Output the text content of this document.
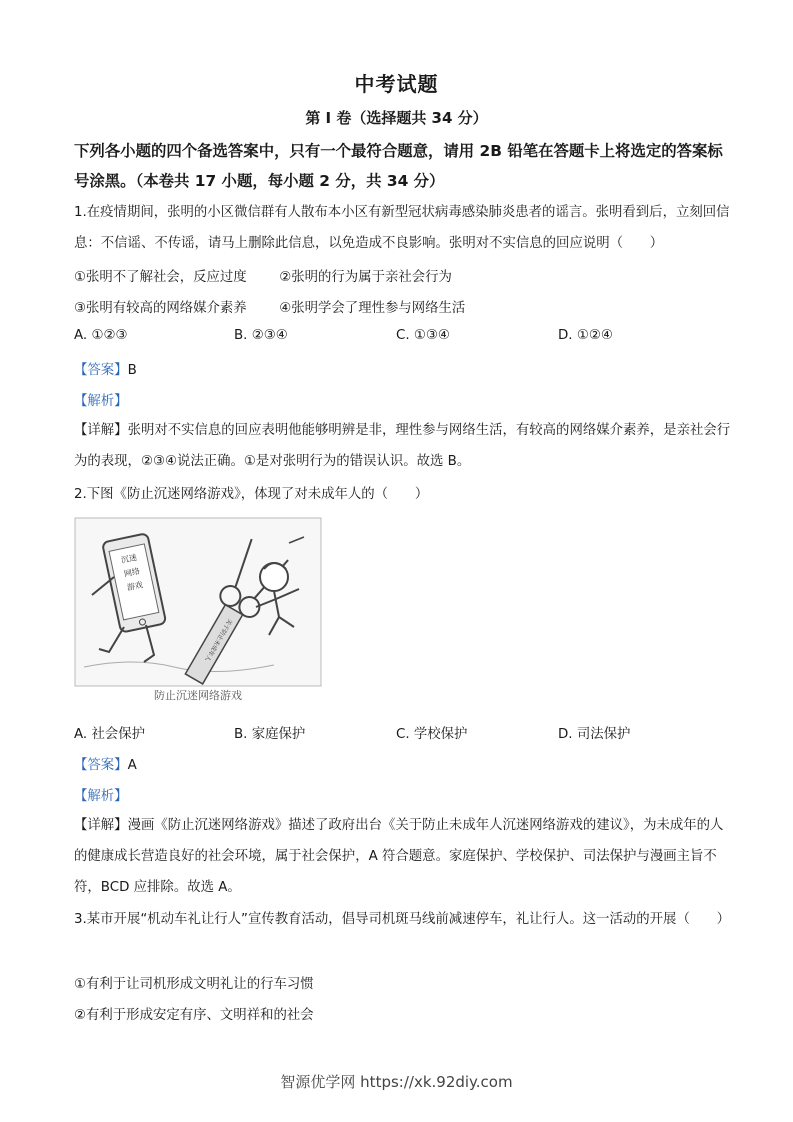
中考试题
第 I 卷（选择题共 34 分）
下列各小题的四个备选答案中，只有一个最符合题意，请用 2B 铅笔在答题卡上将选定的答案标号涂黑。（本卷共 17 小题，每小题 2 分，共 34 分）
1.在疫情期间，张明的小区微信群有人散布本小区有新型冠状病毒感染肺炎患者的谣言。张明看到后，立刻回信息：不信谣、不传谣，请马上删除此信息，以免造成不良影响。张明对不实信息的回应说明（　　）
①张明不了解社会，反应过度 ②张明的行为属于亲社会行为
③张明有较高的网络媒介素养 ④张明学会了理性参与网络生活
A. ①②③	B. ②③④	C. ①③④	D. ①②④
【答案】B
【解析】
【详解】张明对不实信息的回应表明他能够明辨是非，理性参与网络生活，有较高的网络媒介素养，是亲社会行为的表现，②③④说法正确。①是对张明行为的错误认识。故选 B。
2.下图《防止沉迷网络游戏》，体现了对未成年人的（　　）
沉迷
网络
游戏
关于防止未成年人
防止沉迷网络游戏
A. 社会保护	B. 家庭保护	C. 学校保护	D. 司法保护
【答案】A
【解析】
【详解】漫画《防止沉迷网络游戏》描述了政府出台《关于防止未成年人沉迷网络游戏的建议》，为未成年的人的健康成长营造良好的社会环境，属于社会保护，A 符合题意。家庭保护、学校保护、司法保护与漫画主旨不符，BCD 应排除。故选 A。
3.某市开展“机动车礼让行人”宣传教育活动，倡导司机斑马线前减速停车，礼让行人。这一活动的开展（　　）
①有利于让司机形成文明礼让的行车习惯
②有利于形成安定有序、文明祥和的社会
智源优学网 https://xk.92diy.com
